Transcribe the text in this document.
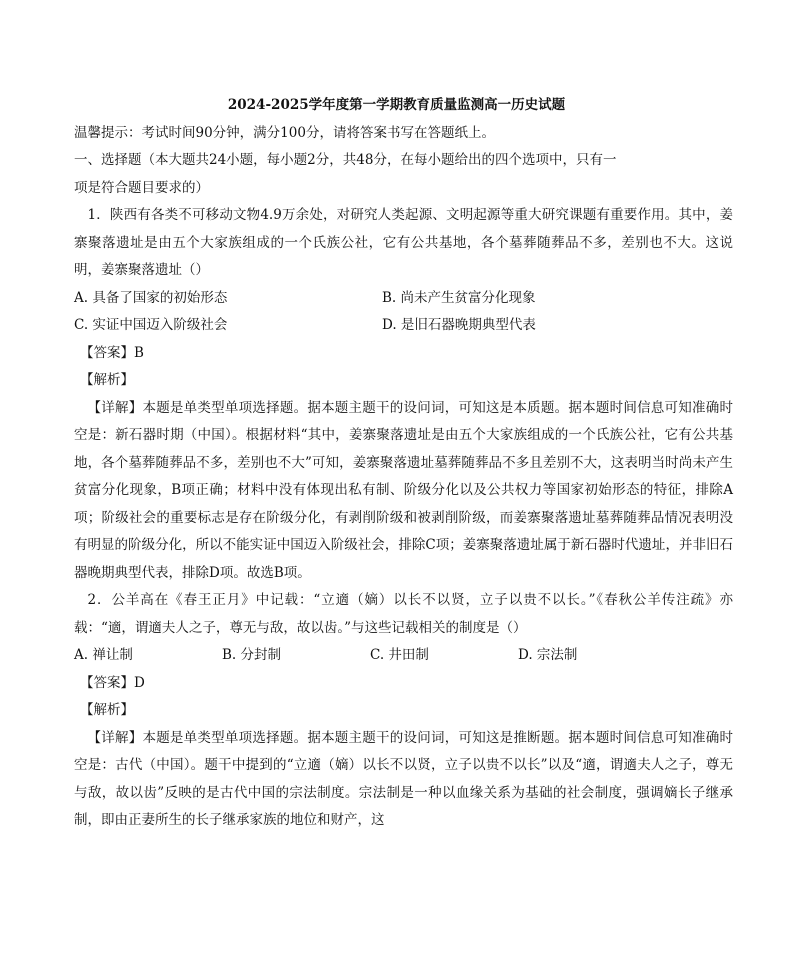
2024-2025学年度第一学期教育质量监测高一历史试题
温馨提示：考试时间90分钟，满分100分，请将答案书写在答题纸上。
一、选择题（本大题共24小题，每小题2分，共48分，在每小题给出的四个选项中，只有一
项是符合题目要求的）
1．陕西有各类不可移动文物4.9万余处，对研究人类起源、文明起源等重大研究课题有重要作用。其中，姜寨聚落遗址是由五个大家族组成的一个氏族公社，它有公共基地，各个墓葬随葬品不多，差别也不大。这说明，姜寨聚落遗址（）
A. 具备了国家的初始形态	B. 尚未产生贫富分化现象
C. 实证中国迈入阶级社会	D. 是旧石器晚期典型代表
【答案】B
【解析】
【详解】本题是单类型单项选择题。据本题主题干的设问词，可知这是本质题。据本题时间信息可知准确时空是：新石器时期（中国）。根据材料“其中，姜寨聚落遗址是由五个大家族组成的一个氏族公社，它有公共基地，各个墓葬随葬品不多，差别也不大”可知，姜寨聚落遗址墓葬随葬品不多且差别不大，这表明当时尚未产生贫富分化现象，B项正确；材料中没有体现出私有制、阶级分化以及公共权力等国家初始形态的特征，排除A项；阶级社会的重要标志是存在阶级分化，有剥削阶级和被剥削阶级，而姜寨聚落遗址墓葬随葬品情况表明没有明显的阶级分化，所以不能实证中国迈入阶级社会，排除C项；姜寨聚落遗址属于新石器时代遗址，并非旧石器晚期典型代表，排除D项。故选B项。
2．公羊高在《春王正月》中记载：“立適（嫡）以长不以贤，立子以贵不以长。”《春秋公羊传注疏》亦载：“適，谓適夫人之子，尊无与敌，故以齿。”与这些记载相关的制度是（）
A. 禅让制	B. 分封制	C. 井田制	D. 宗法制
【答案】D
【解析】
【详解】本题是单类型单项选择题。据本题主题干的设问词，可知这是推断题。据本题时间信息可知准确时空是：古代（中国）。题干中提到的“立適（嫡）以长不以贤，立子以贵不以长”以及“適，谓適夫人之子，尊无与敌，故以齿”反映的是古代中国的宗法制度。宗法制是一种以血缘关系为基础的社会制度，强调嫡长子继承制，即由正妻所生的长子继承家族的地位和财产，这
